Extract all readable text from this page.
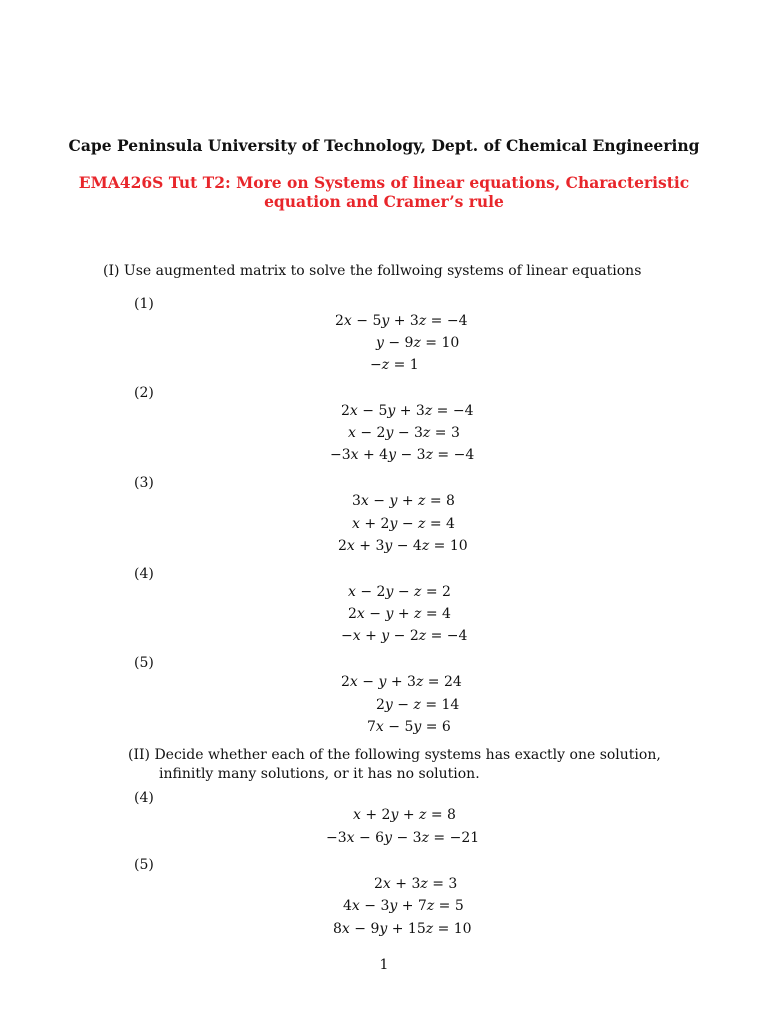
Cape Peninsula University of Technology, Dept. of Chemical Engineering
EMA426S Tut T2: More on Systems of linear equations, Characteristic
equation and Cramer’s rule
(I) Use augmented matrix to solve the follwoing systems of linear equations
(1)
2x − 5y + 3z = −4
y − 9z = 10
−z = 1
(2)
2x − 5y + 3z = −4
x − 2y − 3z = 3
−3x + 4y − 3z = −4
(3)
3x − y + z = 8
x + 2y − z = 4
2x + 3y − 4z = 10
(4)
x − 2y − z = 2
2x − y + z = 4
−x + y − 2z = −4
(5)
2x − y + 3z = 24
2y − z = 14
7x − 5y = 6
(II) Decide whether each of the following systems has exactly one solution,
infinitly many solutions, or it has no solution.
(4)
x + 2y + z = 8
−3x − 6y − 3z = −21
(5)
2x + 3z = 3
4x − 3y + 7z = 5
8x − 9y + 15z = 10
1
